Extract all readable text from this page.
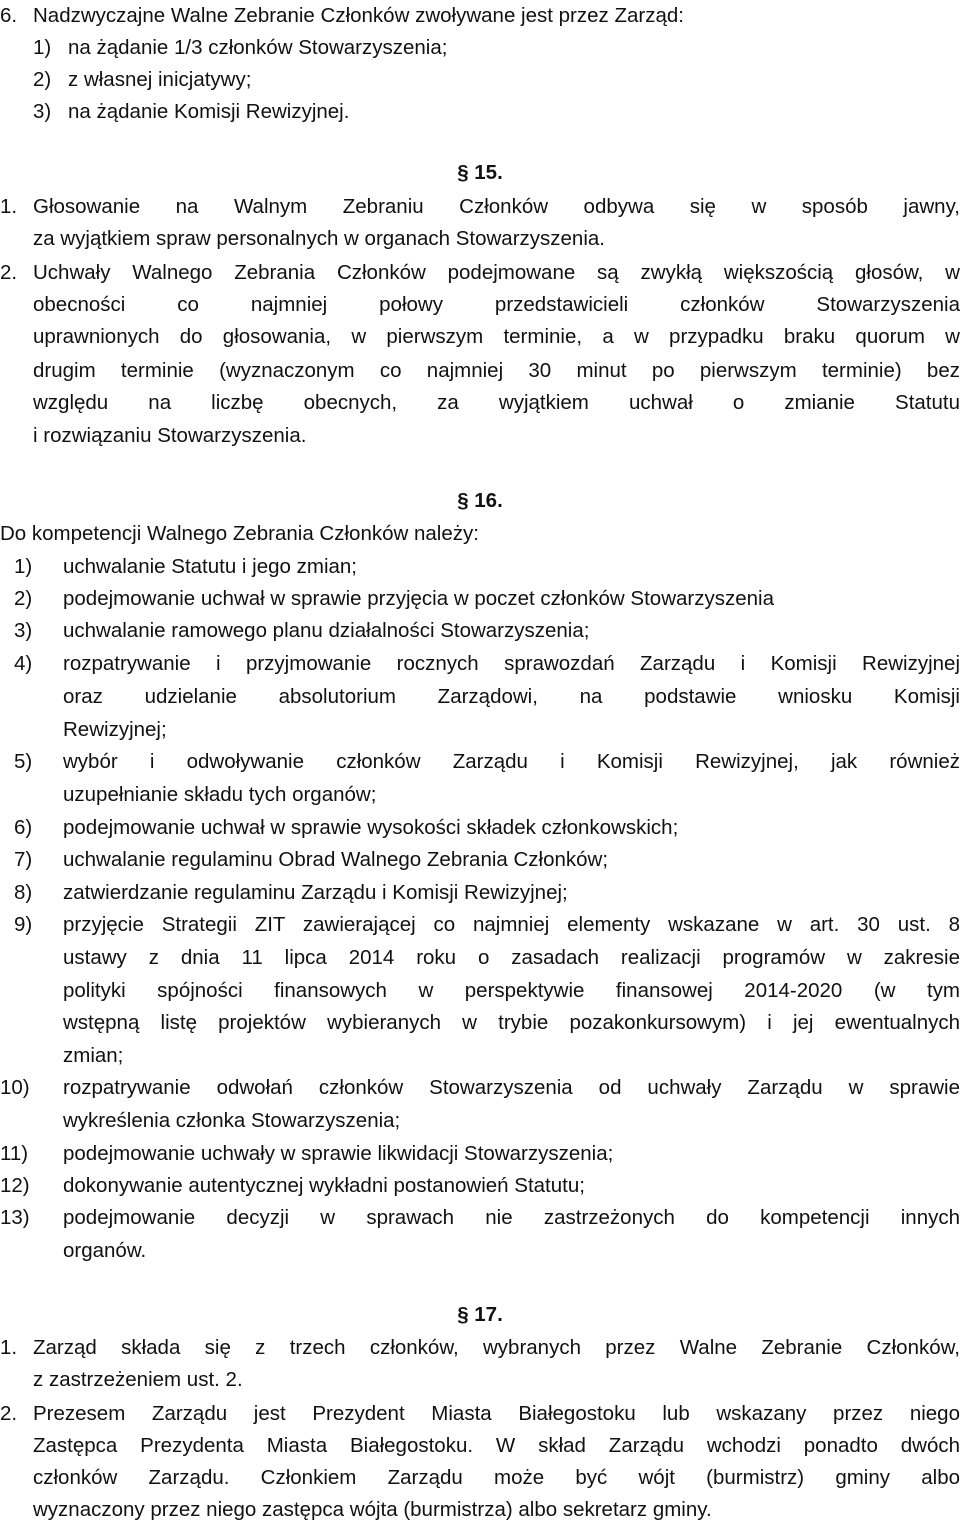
6. Nadzwyczajne Walne Zebranie Członków zwoływane jest przez Zarząd:
1) na żądanie 1/3 członków Stowarzyszenia;
2) z własnej inicjatywy;
3) na żądanie Komisji Rewizyjnej.
§ 15.
1. Głosowanie na Walnym Zebraniu Członków odbywa się w sposób jawny,
za wyjątkiem spraw personalnych w organach Stowarzyszenia.
2. Uchwały Walnego Zebrania Członków podejmowane są zwykłą większością głosów, w
obecności co najmniej połowy przedstawicieli członków Stowarzyszenia
uprawnionych do głosowania, w pierwszym terminie, a w przypadku braku quorum w
drugim terminie (wyznaczonym co najmniej 30 minut po pierwszym terminie) bez
względu na liczbę obecnych, za wyjątkiem uchwał o zmianie Statutu
i rozwiązaniu Stowarzyszenia.
§ 16.
Do kompetencji Walnego Zebrania Członków należy:
1) uchwalanie Statutu i jego zmian;
2) podejmowanie uchwał w sprawie przyjęcia w poczet członków Stowarzyszenia
3) uchwalanie ramowego planu działalności Stowarzyszenia;
4) rozpatrywanie i przyjmowanie rocznych sprawozdań Zarządu i Komisji Rewizyjnej
oraz udzielanie absolutorium Zarządowi, na podstawie wniosku Komisji
Rewizyjnej;
5) wybór i odwoływanie członków Zarządu i Komisji Rewizyjnej, jak również
uzupełnianie składu tych organów;
6) podejmowanie uchwał w sprawie wysokości składek członkowskich;
7) uchwalanie regulaminu Obrad Walnego Zebrania Członków;
8) zatwierdzanie regulaminu Zarządu i Komisji Rewizyjnej;
9) przyjęcie Strategii ZIT zawierającej co najmniej elementy wskazane w art. 30 ust. 8
ustawy z dnia 11 lipca 2014 roku o zasadach realizacji programów w zakresie
polityki spójności finansowych w perspektywie finansowej 2014-2020 (w tym
wstępną listę projektów wybieranych w trybie pozakonkursowym) i jej ewentualnych
zmian;
10) rozpatrywanie odwołań członków Stowarzyszenia od uchwały Zarządu w sprawie
wykreślenia członka Stowarzyszenia;
11) podejmowanie uchwały w sprawie likwidacji Stowarzyszenia;
12) dokonywanie autentycznej wykładni postanowień Statutu;
13) podejmowanie decyzji w sprawach nie zastrzeżonych do kompetencji innych
organów.
§ 17.
1. Zarząd składa się z trzech członków, wybranych przez Walne Zebranie Członków,
z zastrzeżeniem ust. 2.
2. Prezesem Zarządu jest Prezydent Miasta Białegostoku lub wskazany przez niego
Zastępca Prezydenta Miasta Białegostoku. W skład Zarządu wchodzi ponadto dwóch
członków Zarządu. Członkiem Zarządu może być wójt (burmistrz) gminy albo
wyznaczony przez niego zastępca wójta (burmistrza) albo sekretarz gminy.
